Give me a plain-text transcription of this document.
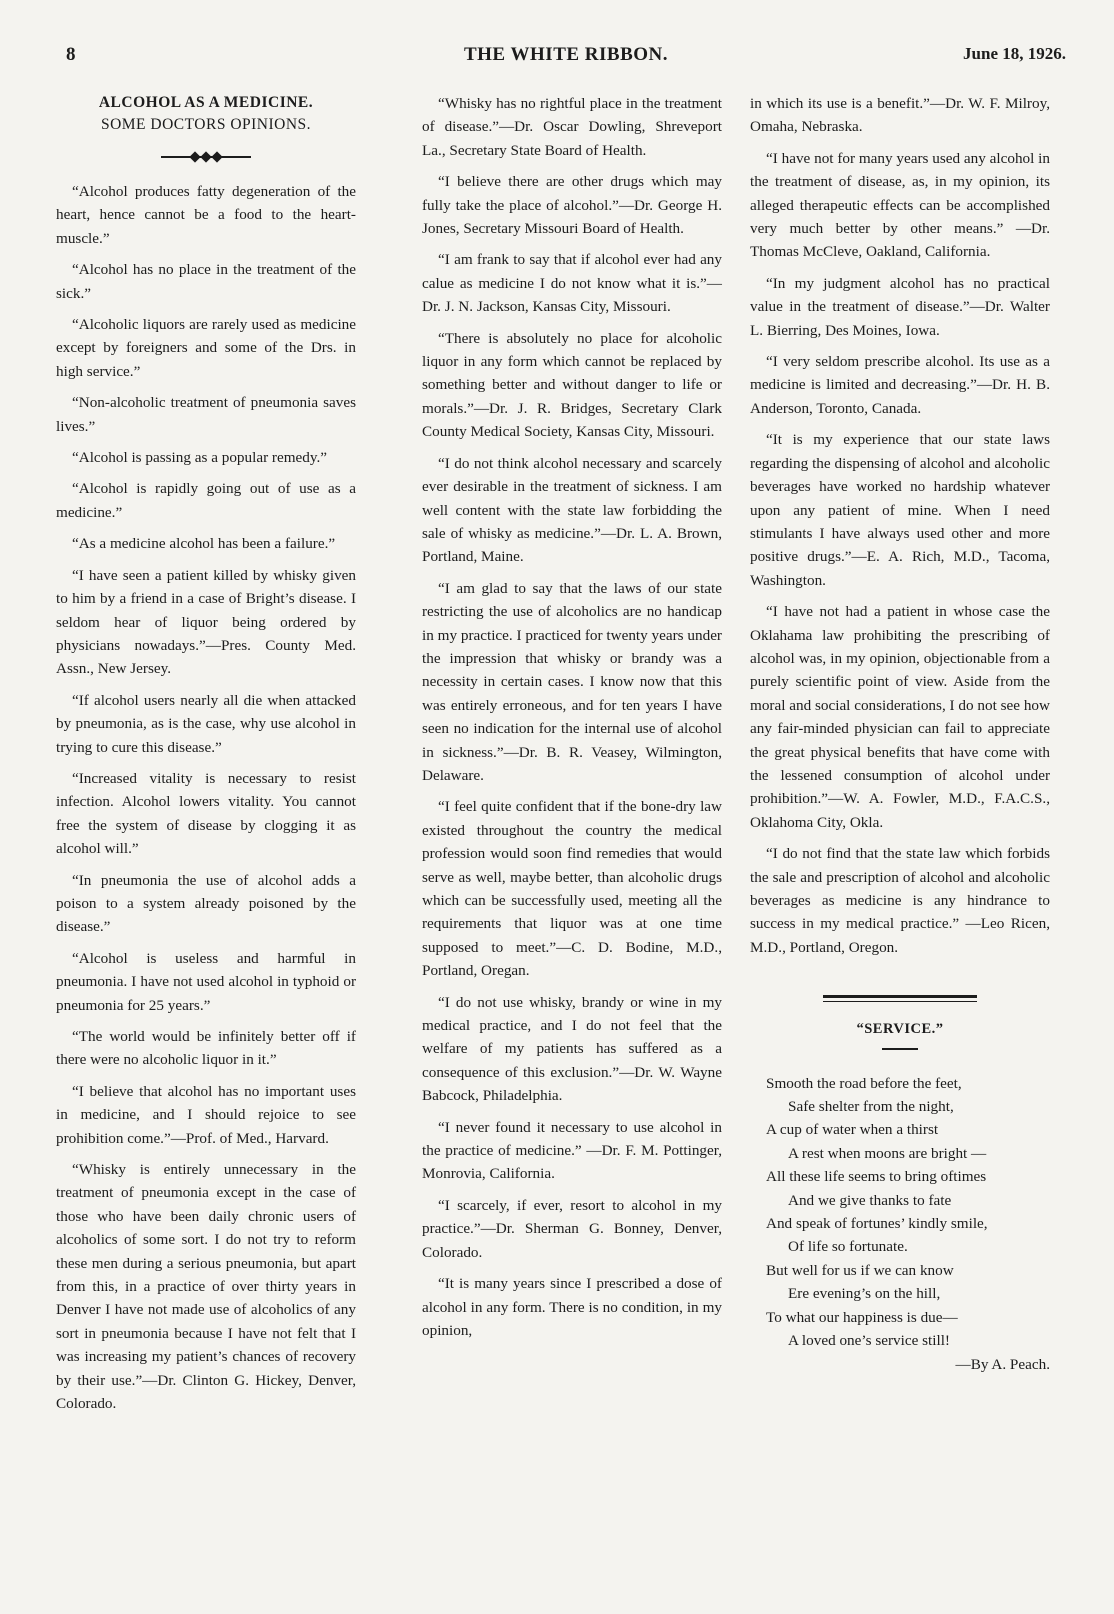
8	THE WHITE RIBBON.	June 18, 1926.
ALCOHOL AS A MEDICINE.
SOME DOCTORS OPINIONS.

“Alcohol produces fatty degeneration of the heart, hence cannot be a food to the heart-muscle.”

“Alcohol has no place in the treatment of the sick.”

“Alcoholic liquors are rarely used as medicine except by foreigners and some of the Drs. in high service.”

“Non-alcoholic treatment of pneumonia saves lives.”

“Alcohol is passing as a popular remedy.”

“Alcohol is rapidly going out of use as a medicine.”

“As a medicine alcohol has been a failure.”

“I have seen a patient killed by whisky given to him by a friend in a case of Bright’s disease. I seldom hear of liquor being ordered by physicians nowadays.”—Pres. County Med. Assn., New Jersey.

“If alcohol users nearly all die when attacked by pneumonia, as is the case, why use alcohol in trying to cure this disease.”

“Increased vitality is necessary to resist infection. Alcohol lowers vitality. You cannot free the system of disease by clogging it as alcohol will.”

“In pneumonia the use of alcohol adds a poison to a system already poisoned by the disease.”

“Alcohol is useless and harmful in pneumonia. I have not used alcohol in typhoid or pneumonia for 25 years.”

“The world would be infinitely better off if there were no alcoholic liquor in it.”

“I believe that alcohol has no important uses in medicine, and I should rejoice to see prohibition come.”—Prof. of Med., Harvard.

“Whisky is entirely unnecessary in the treatment of pneumonia except in the case of those who have been daily chronic users of alcoholics of some sort. I do not try to reform these men during a serious pneumonia, but apart from this, in a practice of over thirty years in Denver I have not made use of alcoholics of any sort in pneumonia because I have not felt that I was increasing my patient’s chances of recovery by their use.”—Dr. Clinton G. Hickey, Denver, Colorado.

“Whisky has no rightful place in the treatment of disease.”—Dr. Oscar Dowling, Shreveport La., Secretary State Board of Health.

“I believe there are other drugs which may fully take the place of alcohol.”—Dr. George H. Jones, Secretary Missouri Board of Health.

“I am frank to say that if alcohol ever had any calue as medicine I do not know what it is.”—Dr. J. N. Jackson, Kansas City, Missouri.

“There is absolutely no place for alcoholic liquor in any form which cannot be replaced by something better and without danger to life or morals.”—Dr. J. R. Bridges, Secretary Clark County Medical Society, Kansas City, Missouri.

“I do not think alcohol necessary and scarcely ever desirable in the treatment of sickness. I am well content with the state law forbidding the sale of whisky as medicine.”—Dr. L. A. Brown, Portland, Maine.

“I am glad to say that the laws of our state restricting the use of alcoholics are no handicap in my practice. I practiced for twenty years under the impression that whisky or brandy was a necessity in certain cases. I know now that this was entirely erroneous, and for ten years I have seen no indication for the internal use of alcohol in sickness.”—Dr. B. R. Veasey, Wilmington, Delaware.

“I feel quite confident that if the bone-dry law existed throughout the country the medical profession would soon find remedies that would serve as well, maybe better, than alcoholic drugs which can be successfully used, meeting all the requirements that liquor was at one time supposed to meet.”—C. D. Bodine, M.D., Portland, Oregan.

“I do not use whisky, brandy or wine in my medical practice, and I do not feel that the welfare of my patients has suffered as a consequence of this exclusion.”—Dr. W. Wayne Babcock, Philadelphia.

“I never found it necessary to use alcohol in the practice of medicine.” —Dr. F. M. Pottinger, Monrovia, California.

“I scarcely, if ever, resort to alcohol in my practice.”—Dr. Sherman G. Bonney, Denver, Colorado.

“It is many years since I prescribed a dose of alcohol in any form. There is no condition, in my opinion,

in which its use is a benefit.”—Dr. W. F. Milroy, Omaha, Nebraska.

“I have not for many years used any alcohol in the treatment of disease, as, in my opinion, its alleged therapeutic effects can be accomplished very much better by other means.” —Dr. Thomas McCleve, Oakland, California.

“In my judgment alcohol has no practical value in the treatment of disease.”—Dr. Walter L. Bierring, Des Moines, Iowa.

“I very seldom prescribe alcohol. Its use as a medicine is limited and decreasing.”—Dr. H. B. Anderson, Toronto, Canada.

“It is my experience that our state laws regarding the dispensing of alcohol and alcoholic beverages have worked no hardship whatever upon any patient of mine. When I need stimulants I have always used other and more positive drugs.”—E. A. Rich, M.D., Tacoma, Washington.

“I have not had a patient in whose case the Oklahama law prohibiting the prescribing of alcohol was, in my opinion, objectionable from a purely scientific point of view. Aside from the moral and social considerations, I do not see how any fair-minded physician can fail to appreciate the great physical benefits that have come with the lessened consumption of alcohol under prohibition.”—W. A. Fowler, M.D., F.A.C.S., Oklahoma City, Okla.

“I do not find that the state law which forbids the sale and prescription of alcohol and alcoholic beverages as medicine is any hindrance to success in my medical practice.” —Leo Ricen, M.D., Portland, Oregon.

“SERVICE.”

Smooth the road before the feet,

Safe shelter from the night,

A cup of water when a thirst

A rest when moons are bright —

All these life seems to bring oftimes

And we give thanks to fate

And speak of fortunes’ kindly smile,

Of life so fortunate.

But well for us if we can know

Ere evening’s on the hill,

To what our happiness is due—

A loved one’s service still!

—By A. Peach.
